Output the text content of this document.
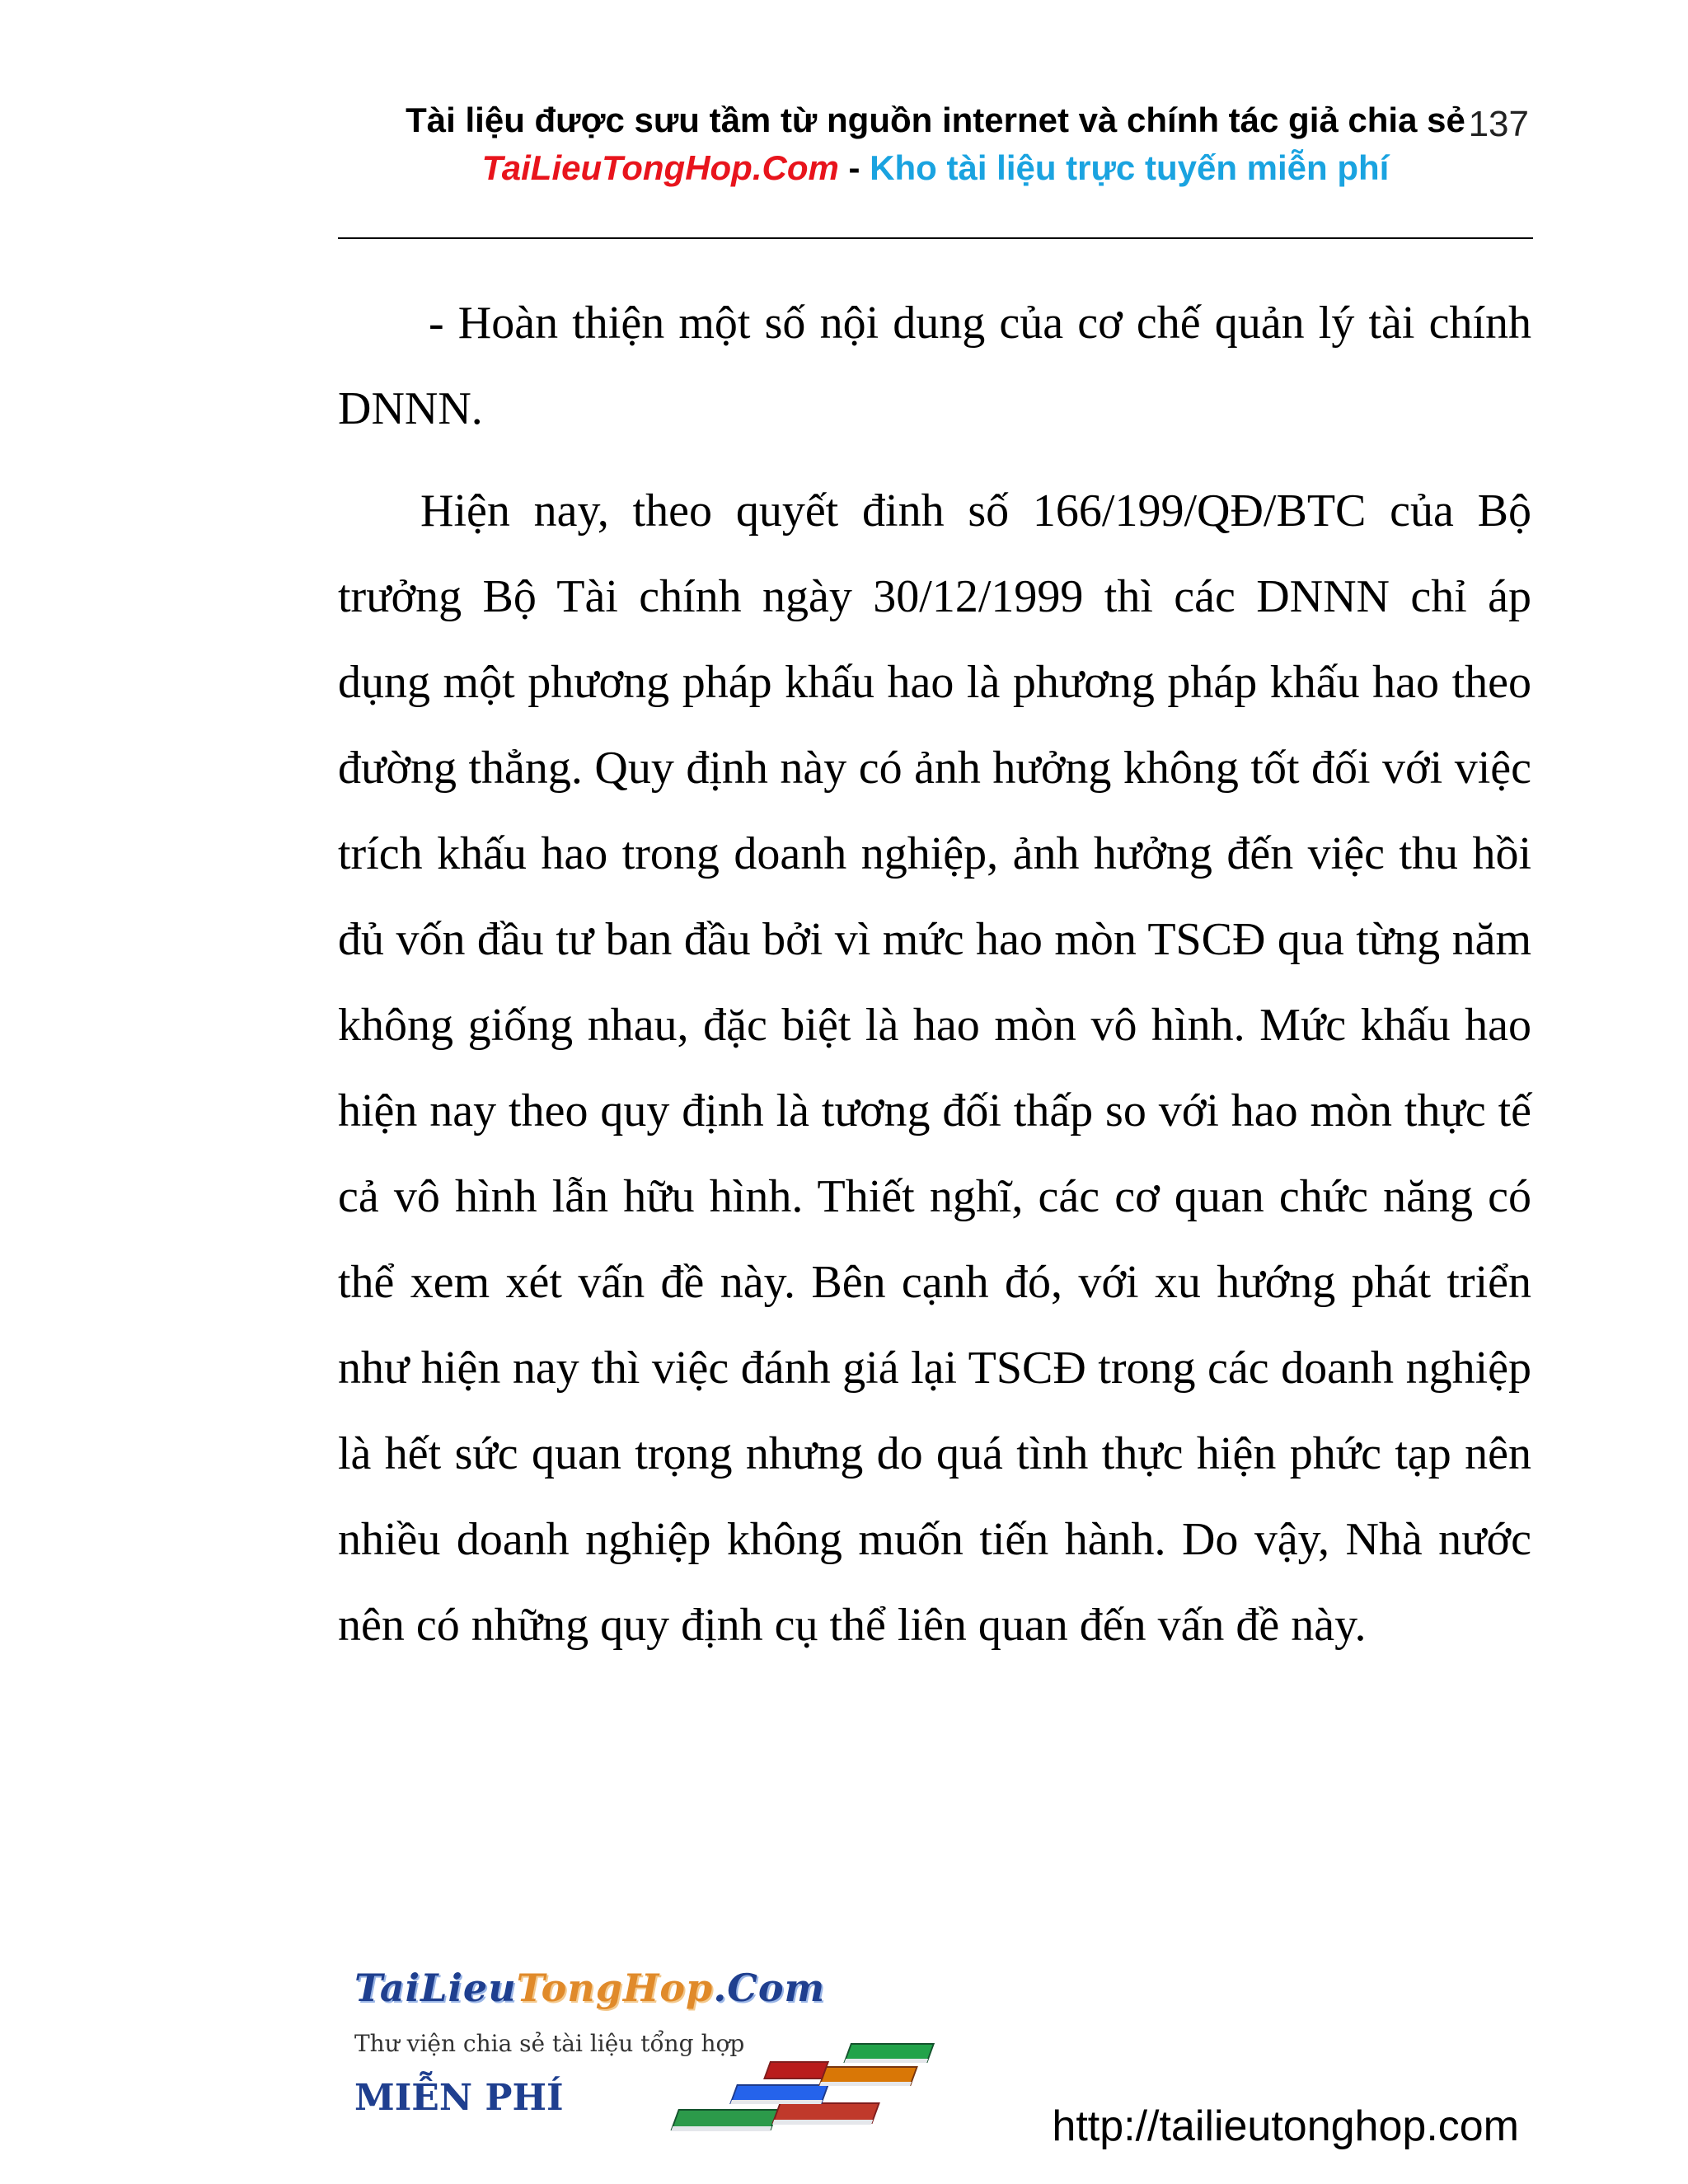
Tài liệu được sưu tầm từ nguồn internet và chính tác giả chia sẻ
TaiLieuTongHop.Com - Kho tài liệu trực tuyến miễn phí
137

- Hoàn thiện một số nội dung của cơ chế quản lý tài chính DNNN.

Hiện nay, theo quyết đinh số 166/199/QĐ/BTC của Bộ trưởng Bộ Tài chính ngày 30/12/1999 thì các DNNN chỉ áp dụng một phương pháp khấu hao là phương pháp khấu hao theo đường thẳng. Quy định này có ảnh hưởng không tốt đối với việc trích khấu hao trong doanh nghiệp, ảnh hưởng đến việc thu hồi đủ vốn đầu tư ban đầu bởi vì mức hao mòn TSCĐ qua từng năm không giống nhau, đặc biệt là hao mòn vô hình. Mức khấu hao hiện nay theo quy định là tương đối thấp so với hao mòn thực tế cả vô hình lẫn hữu hình. Thiết nghĩ, các cơ quan chức năng có thể xem xét vấn đề này. Bên cạnh đó, với xu hướng phát triển như hiện nay thì việc đánh giá lại TSCĐ trong các doanh nghiệp là hết sức quan trọng nhưng do quá tình thực hiện phức tạp nên nhiều doanh nghiệp không muốn tiến hành. Do vậy, Nhà nước nên có những quy định cụ thể liên quan đến vấn đề này.

TaiLieuTongHop.Com
Thư viện chia sẻ tài liệu tổng hợp
MIỄN PHÍ
http://tailieutonghop.com
